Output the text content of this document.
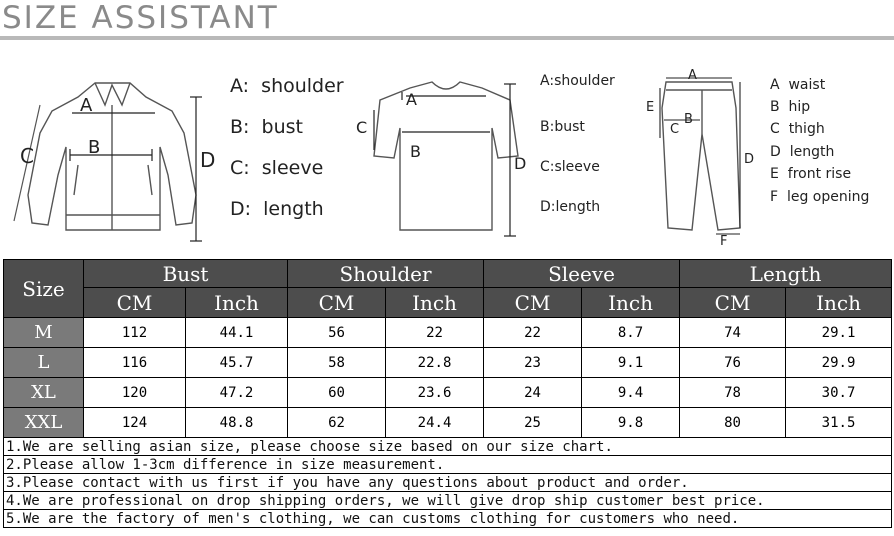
SIZE ASSISTANT
A
B
C	D
A: shoulder
B: bust
C: sleeve
D: length
A
B
C
D
A:shoulder
B:bust
C:sleeve
D:length
A
B
C
D
E
F
A waist
B hip
C thigh
D length
E front rise
F leg opening
Size	Bust		Shoulder		Sleeve		Length	
	CM	Inch	CM	Inch	CM	Inch	CM	Inch
M	112	44.1	56	22	22	8.7	74	29.1
L	116	45.7	58	22.8	23	9.1	76	29.9
XL	120	47.2	60	23.6	24	9.4	78	30.7
XXL	124	48.8	62	24.4	25	9.8	80	31.5
1.We are selling asian size, please choose size based on our size chart.								
2.Please allow 1-3cm difference in size measurement.								
3.Please contact with us first if you have any questions about product and order.								
4.We are professional on drop shipping orders, we will give drop ship customer best price.								
5.We are the factory of men's clothing, we can customs clothing for customers who need.								
